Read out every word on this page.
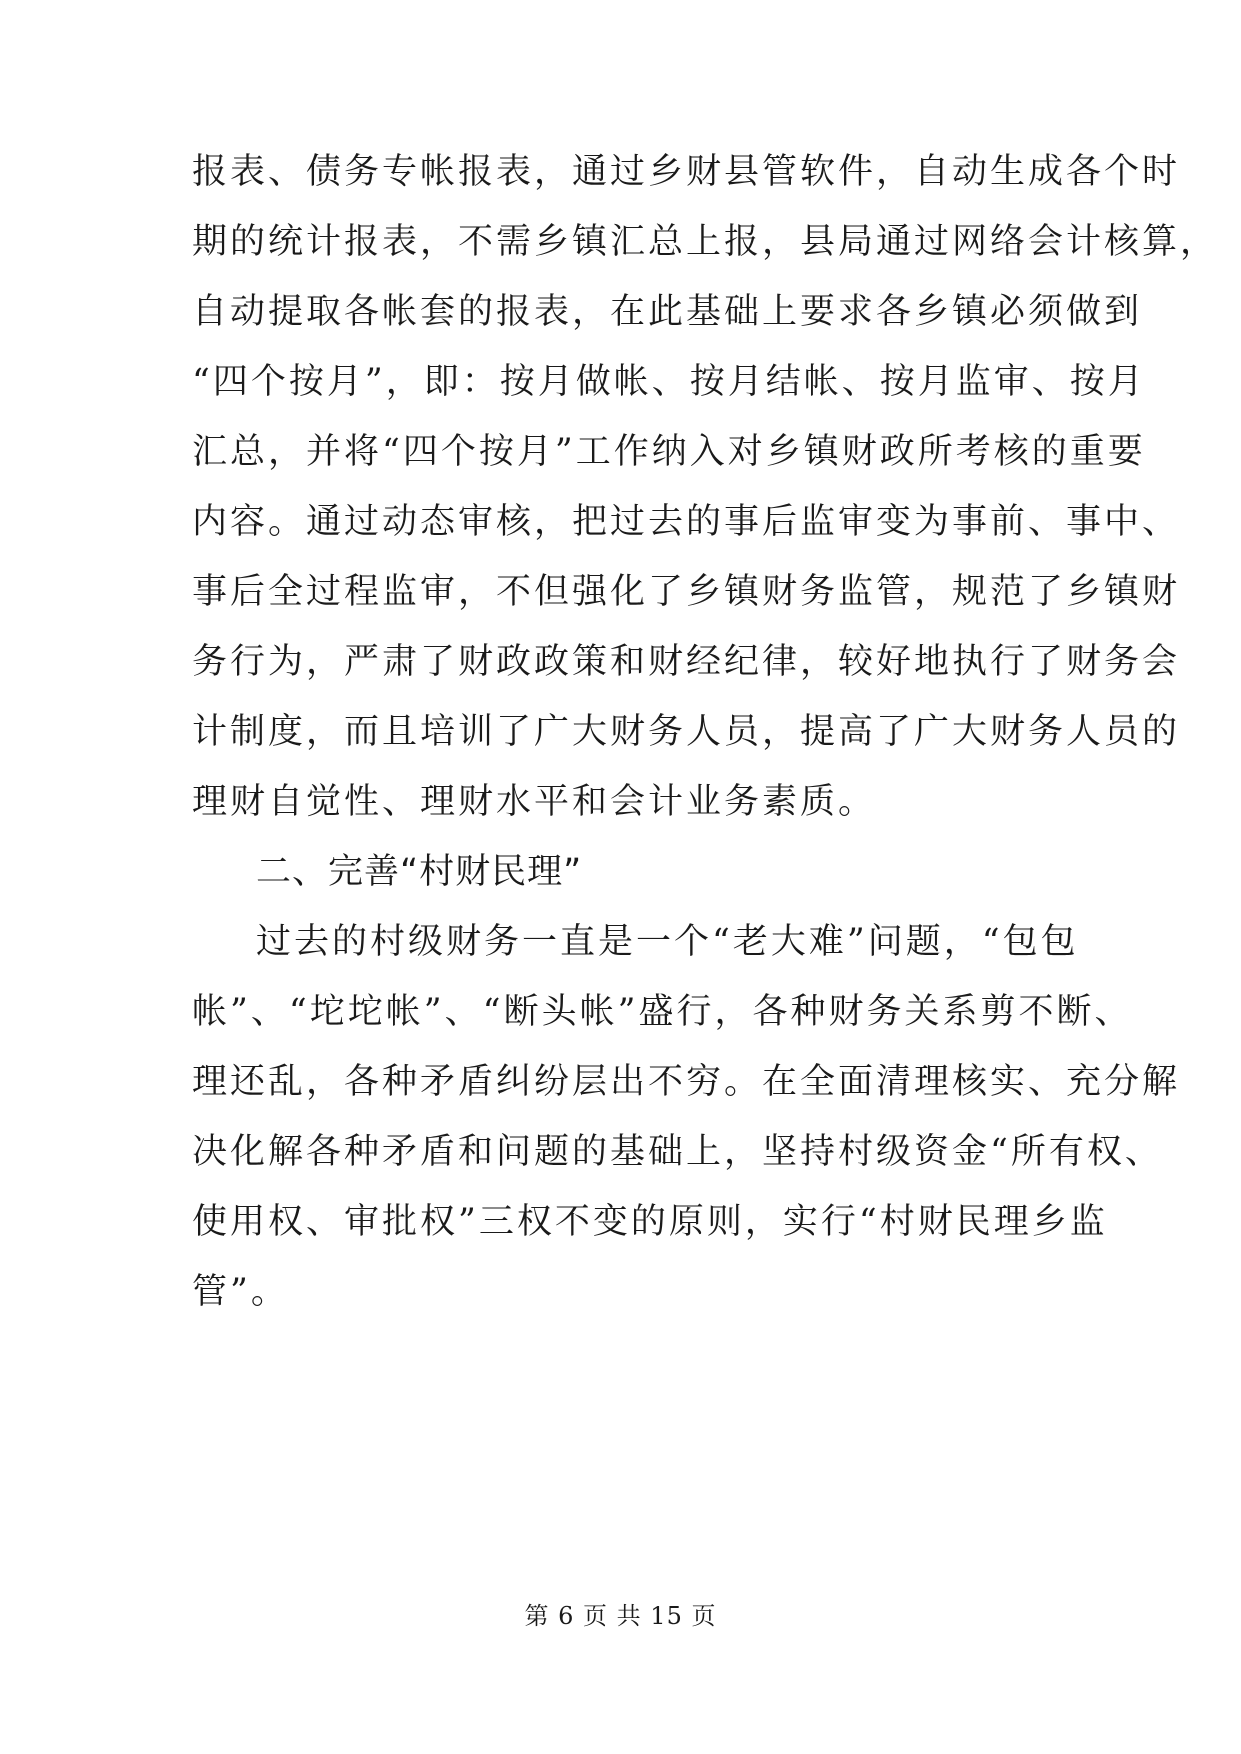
报表、债务专帐报表，通过乡财县管软件，自动生成各个时
期的统计报表，不需乡镇汇总上报，县局通过网络会计核算，
自动提取各帐套的报表，在此基础上要求各乡镇必须做到
“四个按月”，即：按月做帐、按月结帐、按月监审、按月
汇总，并将“四个按月”工作纳入对乡镇财政所考核的重要
内容。通过动态审核，把过去的事后监审变为事前、事中、
事后全过程监审，不但强化了乡镇财务监管，规范了乡镇财
务行为，严肃了财政政策和财经纪律，较好地执行了财务会
计制度，而且培训了广大财务人员，提高了广大财务人员的
理财自觉性、理财水平和会计业务素质。
二、完善“村财民理”
过去的村级财务一直是一个“老大难”问题，“包包
帐”、“坨坨帐”、“断头帐”盛行，各种财务关系剪不断、
理还乱，各种矛盾纠纷层出不穷。在全面清理核实、充分解
决化解各种矛盾和问题的基础上，坚持村级资金“所有权、
使用权、审批权”三权不变的原则，实行“村财民理乡监
管”。
第 6 页 共 15 页
